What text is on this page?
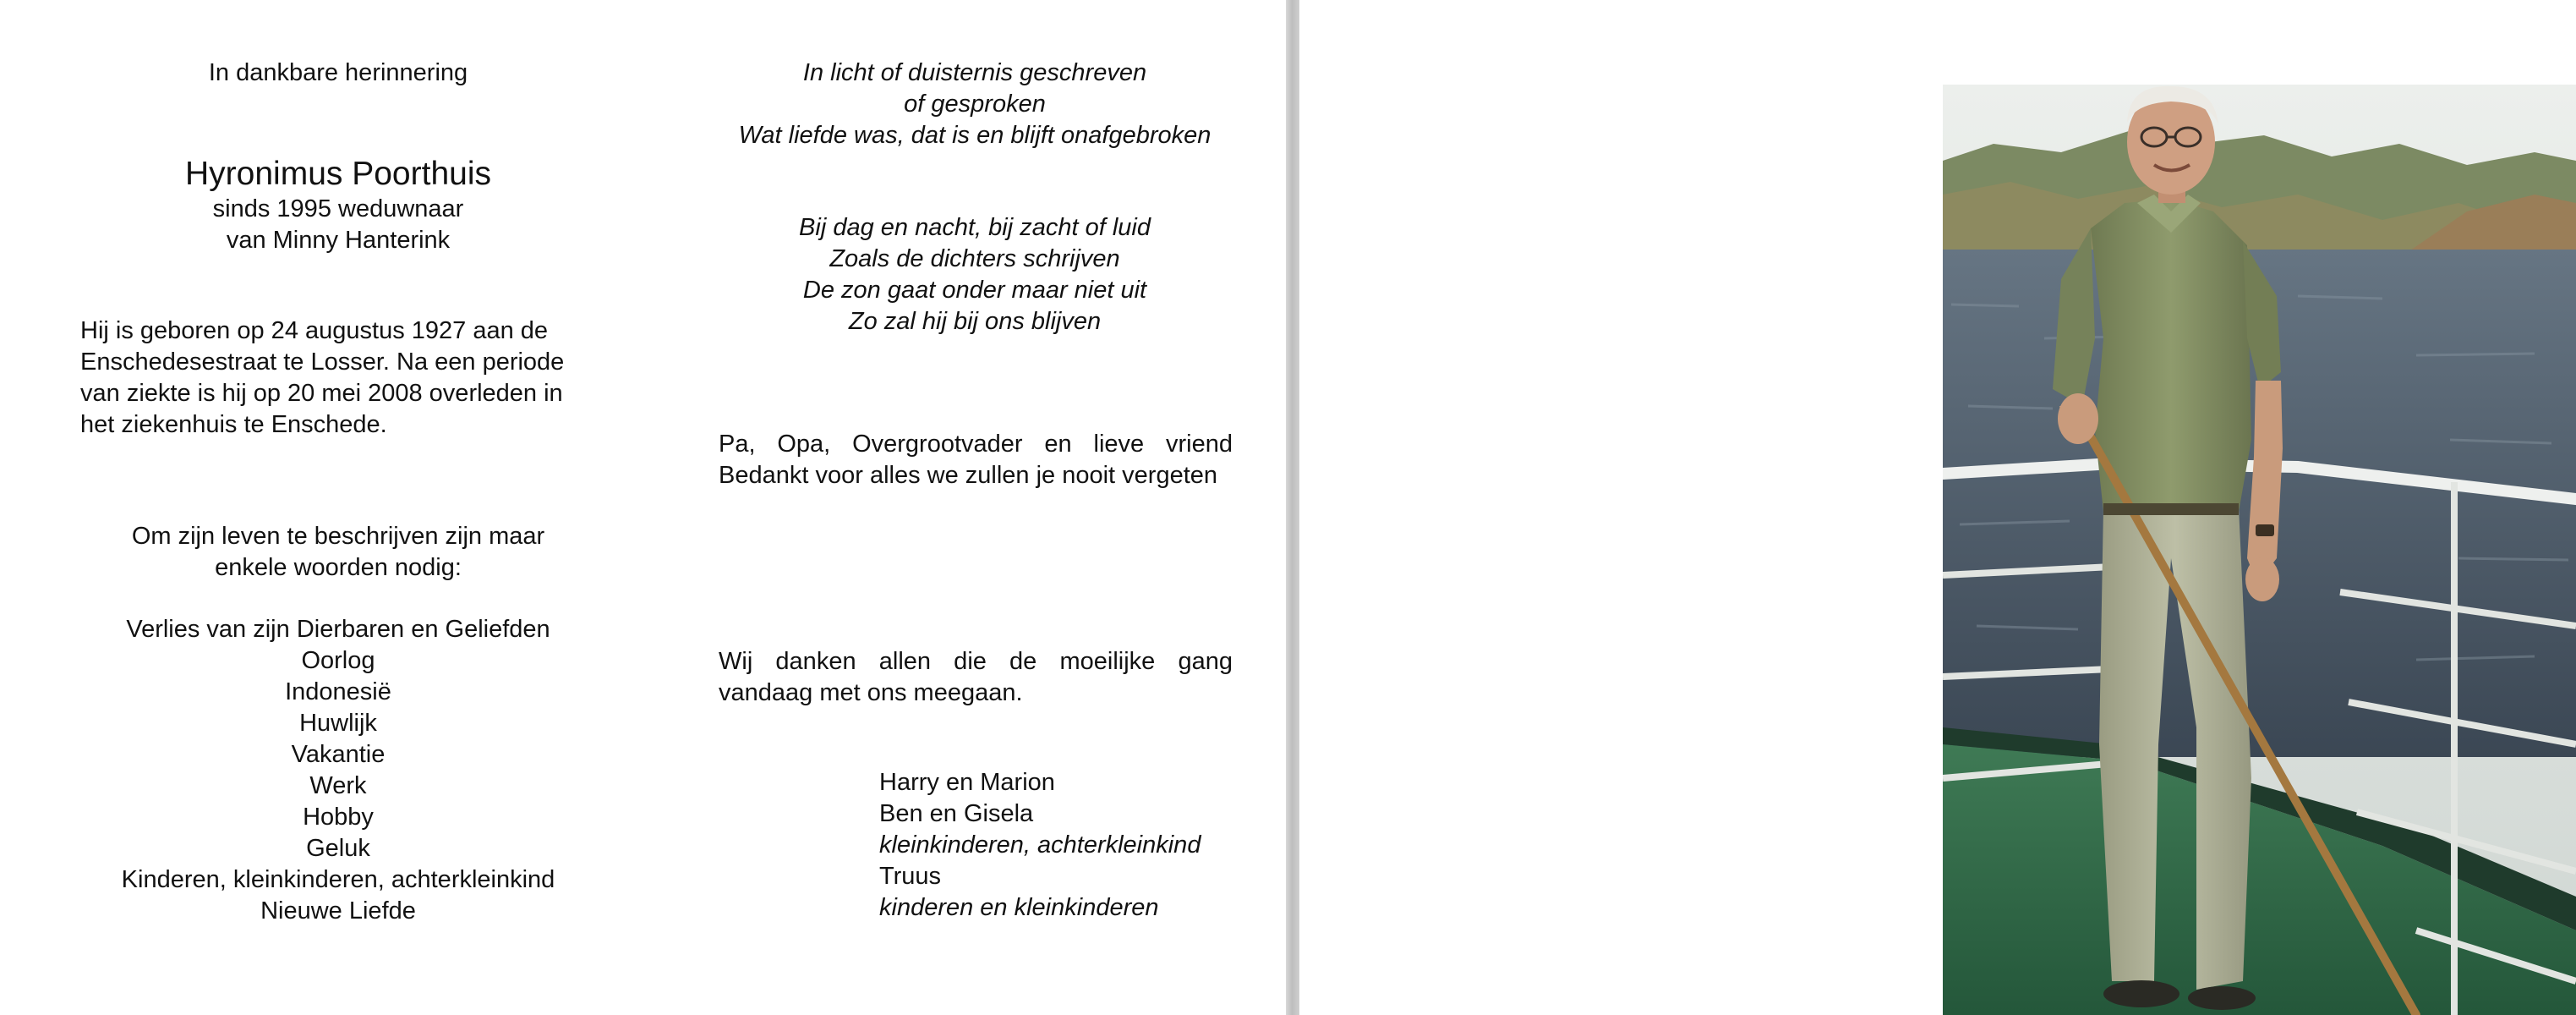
In dankbare herinnering

Hyronimus Poorthuis

sinds 1995 weduwnaar

van Minny Hanterink

Hij is geboren op 24 augustus 1927 aan de
Enschedesestraat te Losser. Na een periode
van ziekte is hij op 20 mei 2008 overleden in
het ziekenhuis te Enschede.
Om zijn leven te beschrijven zijn maar
enkele woorden nodig:
Verlies van zijn Dierbaren en Geliefden
Oorlog
Indonesië
Huwlijk
Vakantie
Werk
Hobby
Geluk
Kinderen, kleinkinderen, achterkleinkind
Nieuwe Liefde
In licht of duisternis geschreven
of gesproken
Wat liefde was, dat is en blijft onafgebroken
Bij dag en nacht, bij zacht of luid
Zoals de dichters schrijven
De zon gaat onder maar niet uit
Zo zal hij bij ons blijven

Pa, Opa, Overgrootvader en lieve vriend Bedankt voor alles we zullen je nooit vergeten

Wij danken allen die de moeilijke gang vandaag met ons meegaan.

Harry en Marion
Ben en Gisela
kleinkinderen, achterkleinkind
Truus
kinderen en kleinkinderen
